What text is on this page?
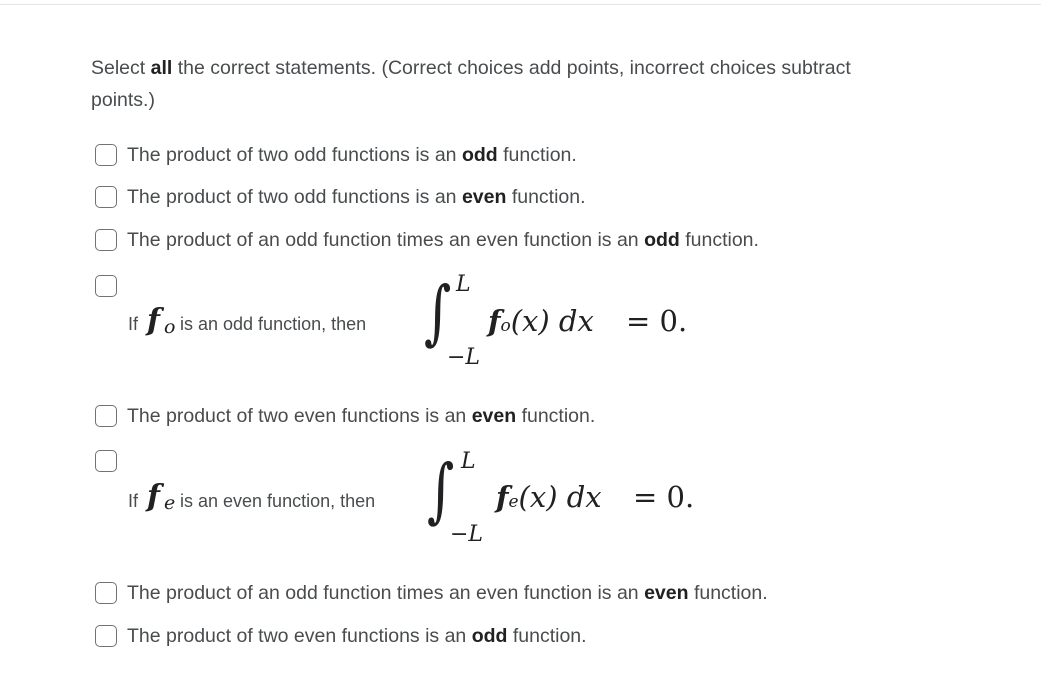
Select all the correct statements. (Correct choices add points, incorrect choices subtract points.)
The product of two odd functions is an odd function.
The product of two odd functions is an even function.
The product of an odd function times an even function is an odd function.
If f o is an odd function, then ∫ L
−L
fo(x) dx = 0.
The product of two even functions is an even function.
If f e is an even function, then ∫ L
−L
fe(x) dx = 0.
The product of an odd function times an even function is an even function.
The product of two even functions is an odd function.
